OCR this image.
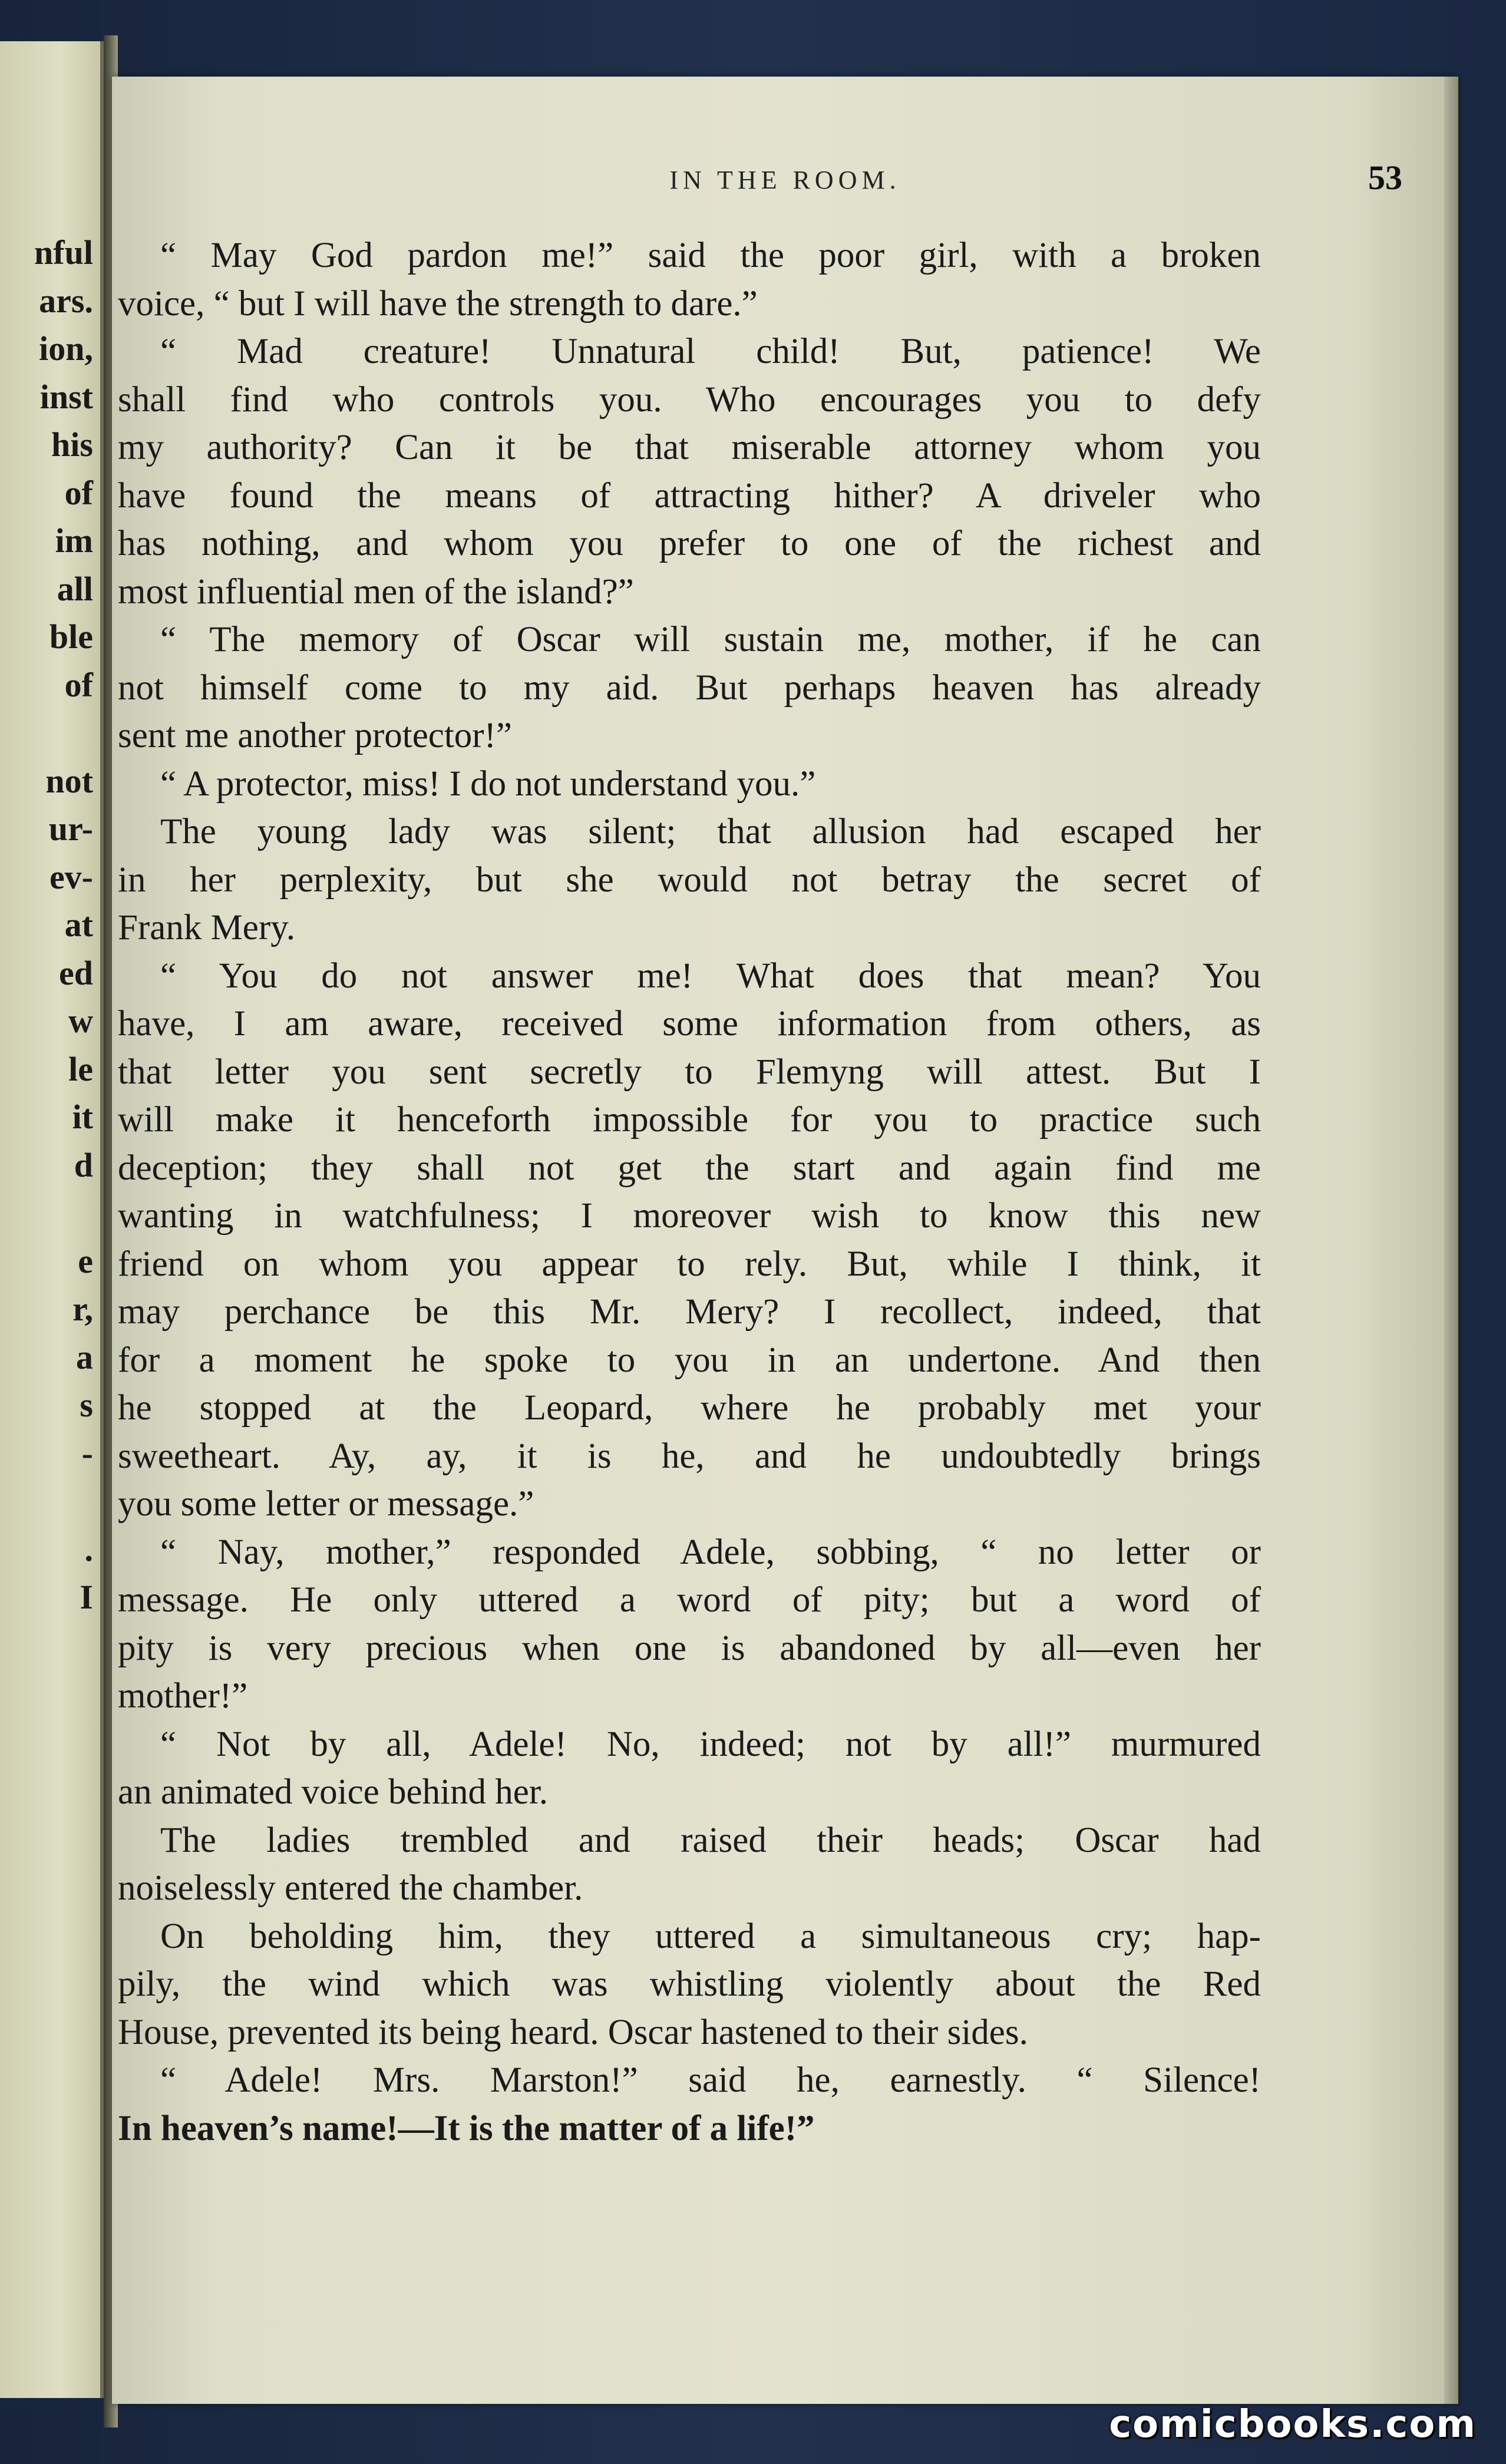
nful
ars.
ion,
inst
his
of
im
all
ble
of
not
ur-
ev-
at
ed
w
le
it
d
e
r,
a
s
-
.
I
IN THE ROOM.	53
“ May God pardon me!” said the poor girl, with a broken
voice, “ but I will have the strength to dare.”
“ Mad creature! Unnatural child! But, patience! We
shall find who controls you. Who encourages you to defy
my authority? Can it be that miserable attorney whom you
have found the means of attracting hither? A driveler who
has nothing, and whom you prefer to one of the richest and
most influential men of the island?”
“ The memory of Oscar will sustain me, mother, if he can
not himself come to my aid. But perhaps heaven has already
sent me another protector!”
“ A protector, miss! I do not understand you.”
The young lady was silent; that allusion had escaped her
in her perplexity, but she would not betray the secret of
Frank Mery.
“ You do not answer me! What does that mean? You
have, I am aware, received some information from others, as
that letter you sent secretly to Flemyng will attest. But I
will make it henceforth impossible for you to practice such
deception; they shall not get the start and again find me
wanting in watchfulness; I moreover wish to know this new
friend on whom you appear to rely. But, while I think, it
may perchance be this Mr. Mery? I recollect, indeed, that
for a moment he spoke to you in an undertone. And then
he stopped at the Leopard, where he probably met your
sweetheart. Ay, ay, it is he, and he undoubtedly brings
you some letter or message.”
“ Nay, mother,” responded Adele, sobbing, “ no letter or
message. He only uttered a word of pity; but a word of
pity is very precious when one is abandoned by all—even her
mother!”
“ Not by all, Adele! No, indeed; not by all!” murmured
an animated voice behind her.
The ladies trembled and raised their heads; Oscar had
noiselessly entered the chamber.
On beholding him, they uttered a simultaneous cry; hap-
pily, the wind which was whistling violently about the Red
House, prevented its being heard. Oscar hastened to their sides.
“ Adele! Mrs. Marston!” said he, earnestly. “ Silence!
In heaven’s name!—It is the matter of a life!”
comicbooks.com
